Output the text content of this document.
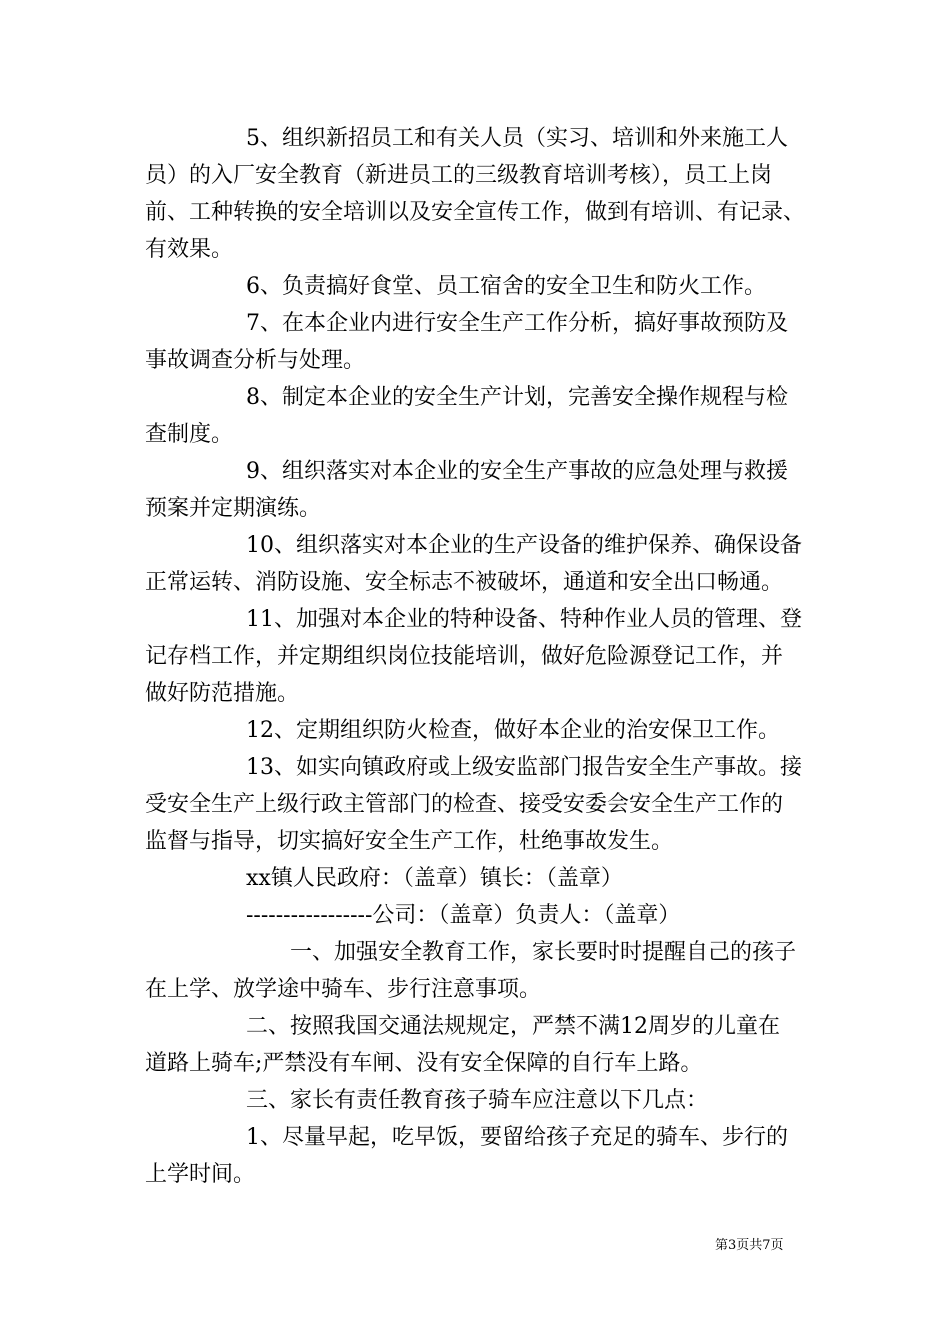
5、组织新招员工和有关人员（实习、培训和外来施工人
员）的入厂安全教育（新进员工的三级教育培训考核），员工上岗
前、工种转换的安全培训以及安全宣传工作，做到有培训、有记录、
有效果。
6、负责搞好食堂、员工宿舍的安全卫生和防火工作。
7、在本企业内进行安全生产工作分析，搞好事故预防及
事故调查分析与处理。
8、制定本企业的安全生产计划，完善安全操作规程与检
查制度。
9、组织落实对本企业的安全生产事故的应急处理与救援
预案并定期演练。
10、组织落实对本企业的生产设备的维护保养、确保设备
正常运转、消防设施、安全标志不被破坏，通道和安全出口畅通。
11、加强对本企业的特种设备、特种作业人员的管理、登
记存档工作，并定期组织岗位技能培训，做好危险源登记工作，并
做好防范措施。
12、定期组织防火检查，做好本企业的治安保卫工作。
13、如实向镇政府或上级安监部门报告安全生产事故。接
受安全生产上级行政主管部门的检查、接受安委会安全生产工作的
监督与指导，切实搞好安全生产工作，杜绝事故发生。
xx镇人民政府：（盖章）镇长：（盖章）
-----------------公司：（盖章）负责人：（盖章）
一、加强安全教育工作，家长要时时提醒自己的孩子
在上学、放学途中骑车、步行注意事项。
二、按照我国交通法规规定，严禁不满12周岁的儿童在
道路上骑车;严禁没有车闸、没有安全保障的自行车上路。
三、家长有责任教育孩子骑车应注意以下几点：
1、尽量早起，吃早饭，要留给孩子充足的骑车、步行的
上学时间。
第3页共7页
